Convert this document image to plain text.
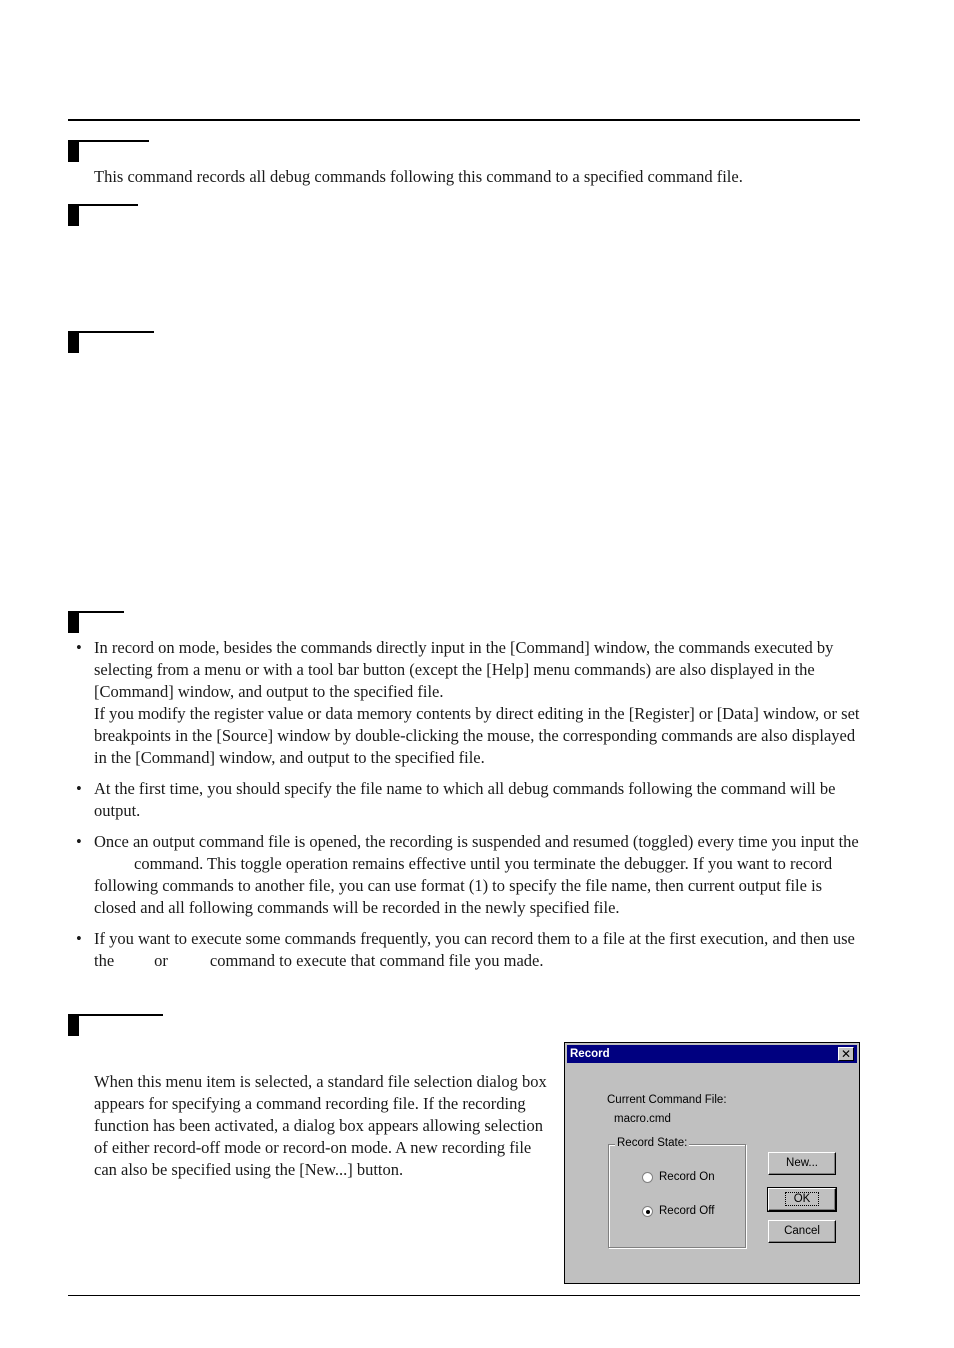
This command records all debug commands following this command to a specified command file.
• In record on mode, besides the commands directly input in the [Command] window, the commands executed by selecting from a menu or with a tool bar button (except the [Help] menu commands) are also displayed in the [Command] window, and output to the specified file.

If you modify the register value or data memory contents by direct editing in the [Register] or [Data] window, or set breakpoints in the [Source] window by double-clicking the mouse, the corresponding commands are also displayed in the [Command] window, and output to the specified file.

• At the first time, you should specify the file name to which all debug commands following the command will be output.

• Once an output command file is opened, the recording is suspended and resumed (toggled) every time you input thecommand. This toggle operation remains effective until you terminate the debugger. If you want to record following commands to another file, you can use format (1) to specify the file name, then current output file is closed and all following commands will be recorded in the newly specified file.

• If you want to execute some commands frequently, you can record them to a file at the first execution, and then use the or	command to execute that command file you made.

When this menu item is selected, a standard file selection dialog box appears for specifying a command recording file. If the recording function has been activated, a dialog box appears allowing selection of either record-off mode or record-on mode. A new recording file can also be specified using the [New...] button.
Record	✕
Current Command File:
macro.cmd
Record State:
Record On
Record Off
New...
OK
Cancel
